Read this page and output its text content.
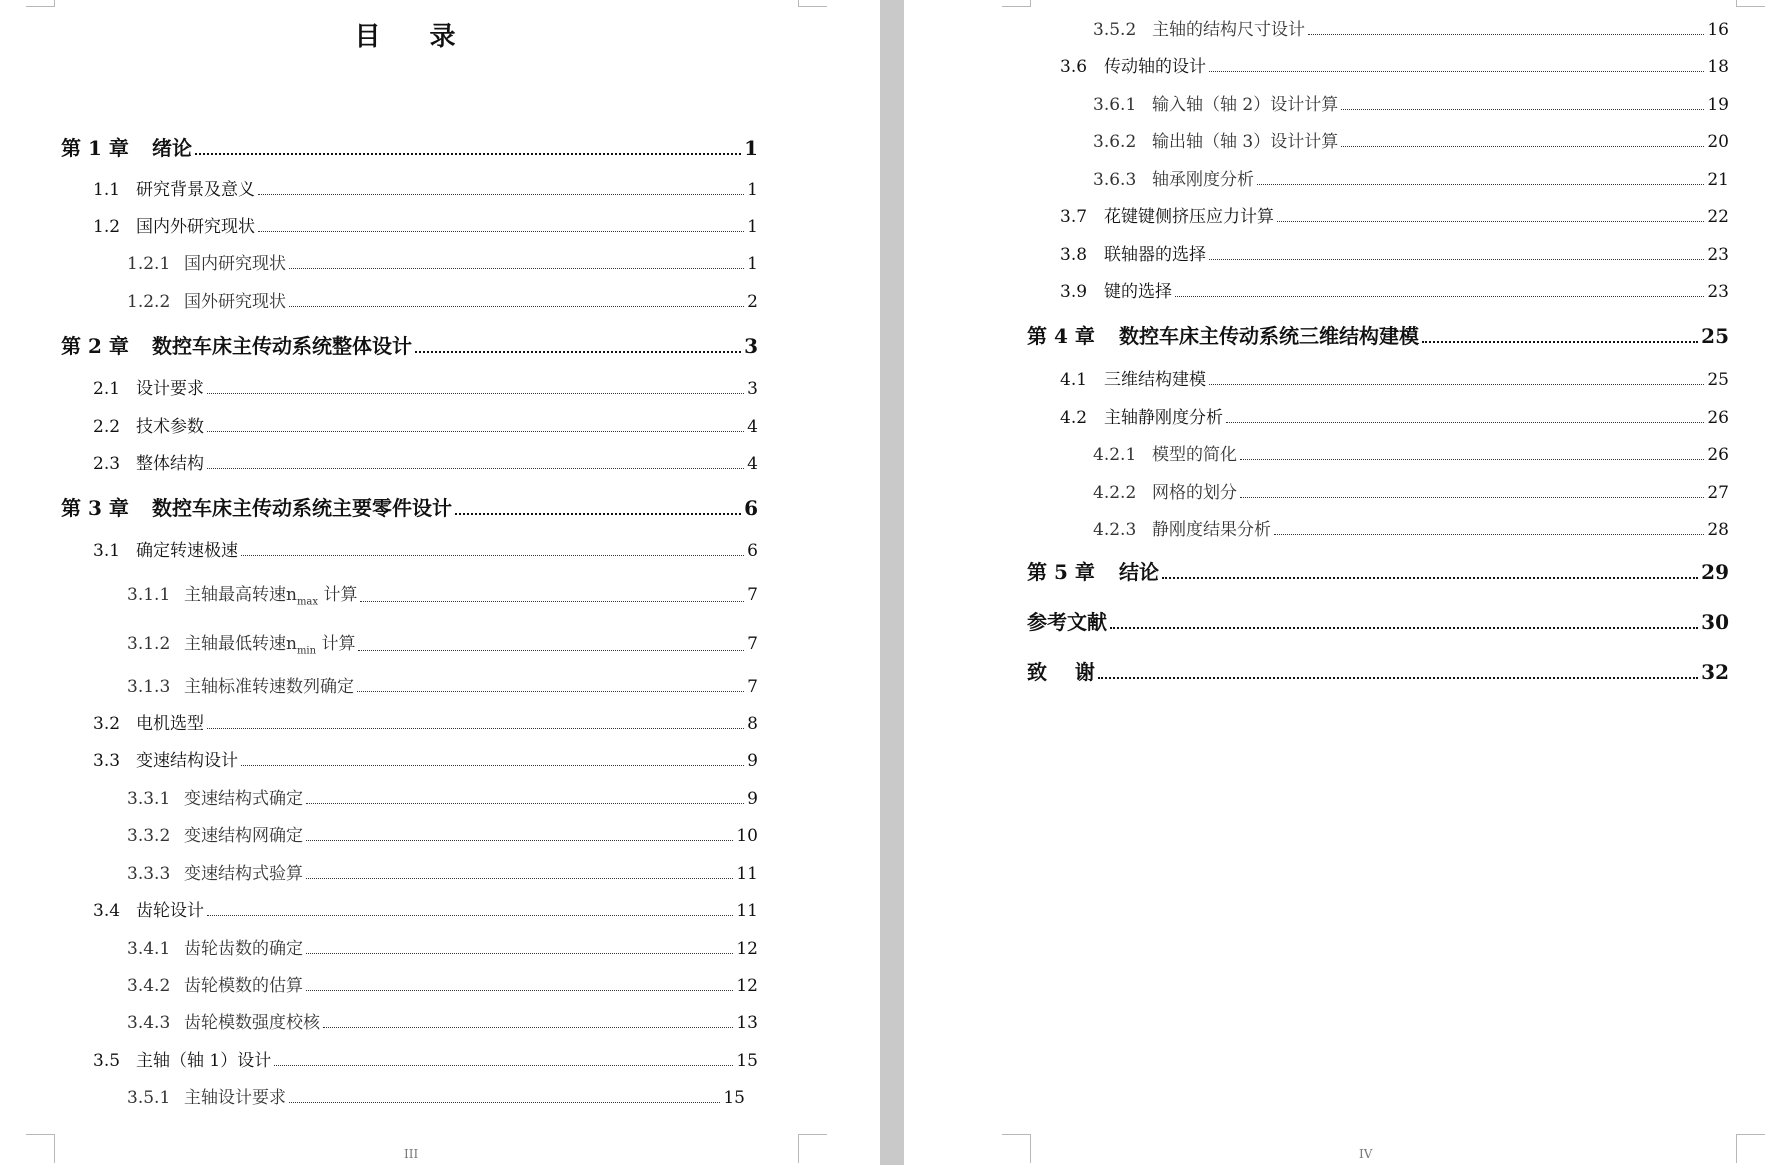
目 录
第 1 章	绪论	1
1.1 研究背景及意义	1
1.2 国内外研究现状	1
1.2.1 国内研究现状	1
1.2.2 国外研究现状	2
第 2 章	数控车床主传动系统整体设计	3
2.1 设计要求	3
2.2 技术参数	4
2.3 整体结构	4
第 3 章	数控车床主传动系统主要零件设计	6
3.1 确定转速极速	6
3.1.1 主轴最高转速$n_{max}$ 计算	7
3.1.2 主轴最低转速$n_{min}$ 计算	7
3.1.3 主轴标准转速数列确定	7
3.2 电机选型	8
3.3 变速结构设计	9
3.3.1 变速结构式确定	9
3.3.2 变速结构网确定	10
3.3.3 变速结构式验算	11
3.4 齿轮设计	11
3.4.1 齿轮齿数的确定	12
3.4.2 齿轮模数的估算	12
3.4.3 齿轮模数强度校核	13
3.5 主轴（轴 1）设计	15
3.5.1 主轴设计要求	15
III
3.5.2 主轴的结构尺寸设计	16
3.6 传动轴的设计	18
3.6.1 输入轴（轴 2）设计计算	19
3.6.2 输出轴（轴 3）设计计算	20
3.6.3 轴承刚度分析	21
3.7 花键键侧挤压应力计算	22
3.8 联轴器的选择	23
3.9 键的选择	23
第 4 章	数控车床主传动系统三维结构建模	25
4.1 三维结构建模	25
4.2 主轴静刚度分析	26
4.2.1 模型的简化	26
4.2.2 网格的划分	27
4.2.3 静刚度结果分析	28
第 5 章	结论	29
参考文献	30
致    谢	32
IV
